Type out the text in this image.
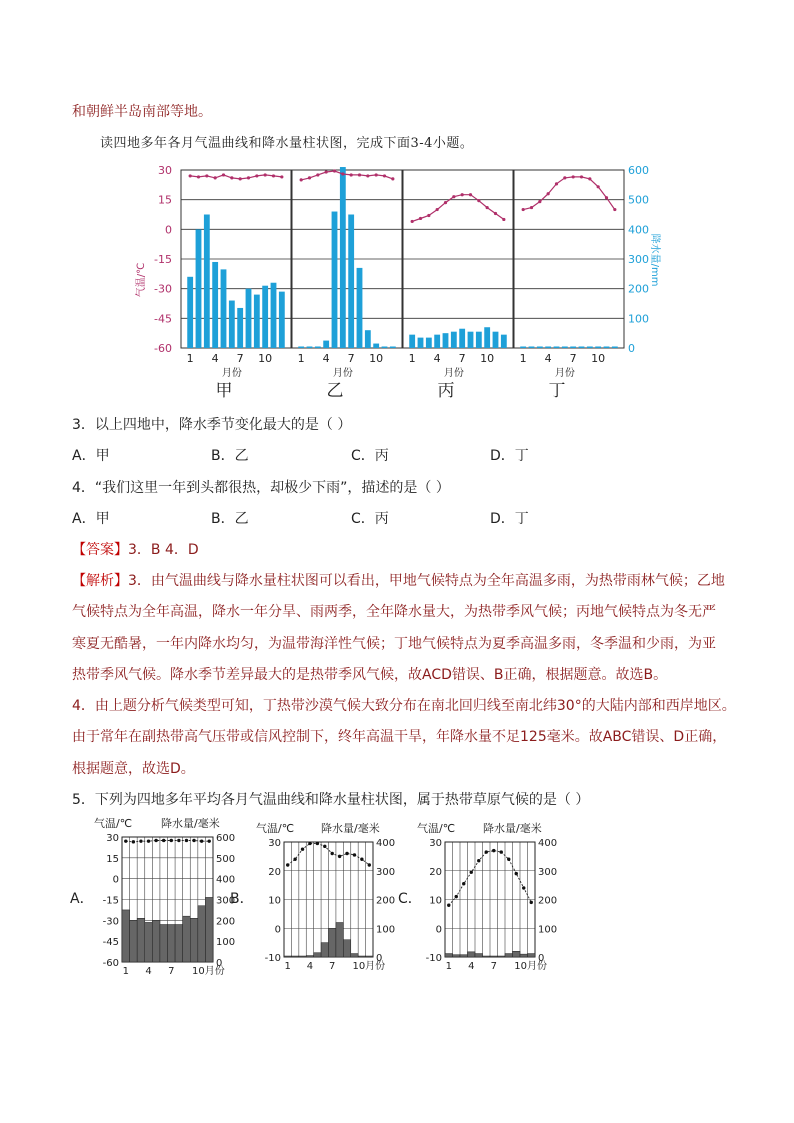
和朝鲜半岛南部等地。
读四地多年各月气温曲线和降水量柱状图，完成下面3-4小题。
30
15
0
-15
-30
-45
-60
600
500
400
300
200
100
0
气温/℃	降水量/mm
1 4 7 10
月份
甲
1 4 7 10
月份
乙
1 4 7 10
月份
丙
1 4 7 10
月份
丁
3．以上四地中，降水季节变化最大的是（ ）
A．甲	B．乙	C．丙	D．丁
4．“我们这里一年到头都很热，却极少下雨”，描述的是（ ）
A．甲	B．乙	C．丙	D．丁
【答案】3．B 4．D
【解析】3．由气温曲线与降水量柱状图可以看出，甲地气候特点为全年高温多雨，为热带雨林气候；乙地
气候特点为全年高温，降水一年分旱、雨两季，全年降水量大，为热带季风气候；丙地气候特点为冬无严
寒夏无酷暑，一年内降水均匀，为温带海洋性气候；丁地气候特点为夏季高温多雨，冬季温和少雨，为亚
热带季风气候。降水季节差异最大的是热带季风气候，故ACD错误、B正确，根据题意。故选B。
4．由上题分析气候类型可知，丁热带沙漠气候大致分布在南北回归线至南北纬30°的大陆内部和西岸地区。
由于常年在副热带高气压带或信风控制下，终年高温干旱，年降水量不足125毫米。故ABC错误、D正确，
根据题意，故选D。
5．下列为四地多年平均各月气温曲线和降水量柱状图，属于热带草原气候的是（ ）
A．
气温/℃	降水量/毫米
30
15
0
-15
-30
-45
-60
600
500
400
300
200
100
0
1 4 7 10月份
B．
气温/℃ 降水量/毫米
30
20
10
0
-10
400
300
200
100
0
1 4 7 10月份
C．
气温/℃	降水量/毫米
30
20
10
0
-10
400
300
200
100
0
1 4 7 10月份
